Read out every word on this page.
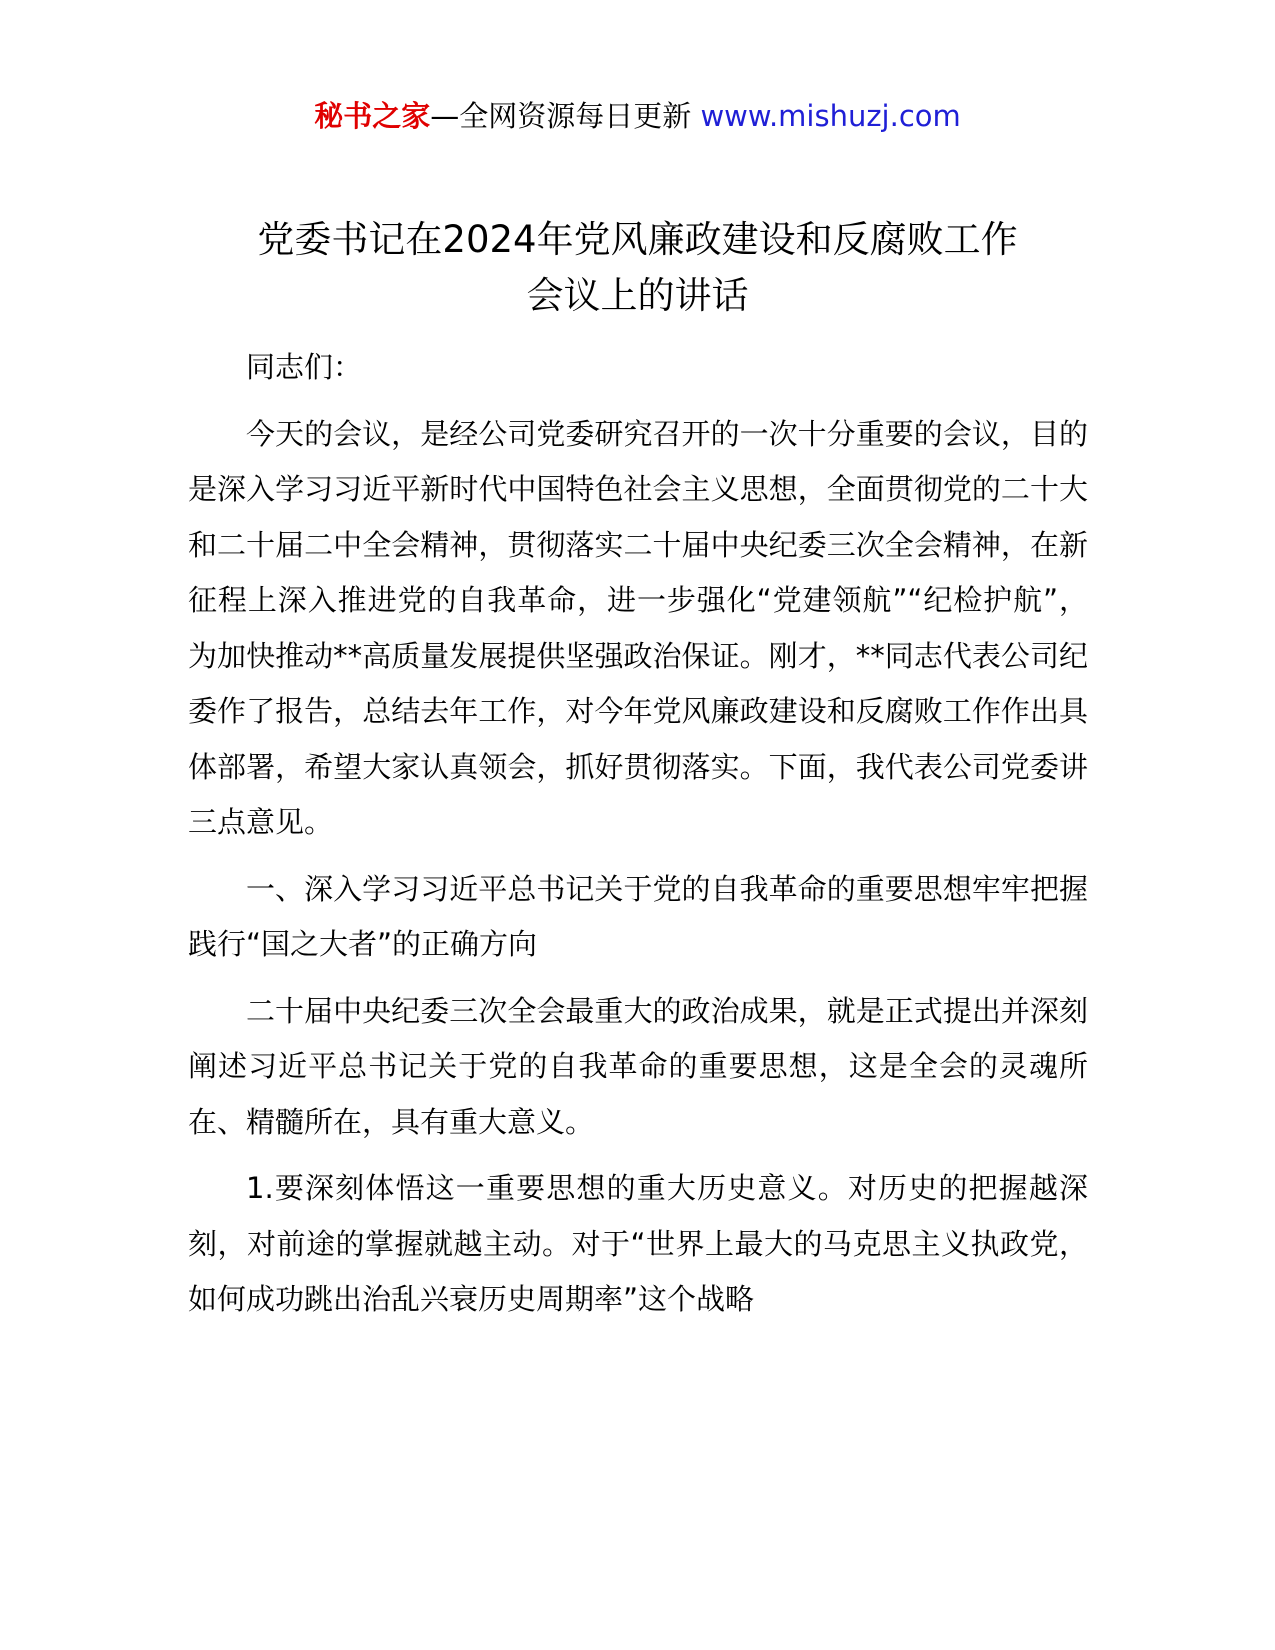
秘书之家—全网资源每日更新 www.mishuzj.com
党委书记在2024年党风廉政建设和反腐败工作
会议上的讲话

同志们：

今天的会议，是经公司党委研究召开的一次十分重要的会议，目的是深入学习习近平新时代中国特色社会主义思想，全面贯彻党的二十大和二十届二中全会精神，贯彻落实二十届中央纪委三次全会精神，在新征程上深入推进党的自我革命，进一步强化“党建领航”“纪检护航”，为加快推动**高质量发展提供坚强政治保证。刚才，**同志代表公司纪委作了报告，总结去年工作，对今年党风廉政建设和反腐败工作作出具体部署，希望大家认真领会，抓好贯彻落实。下面，我代表公司党委讲三点意见。

一、深入学习习近平总书记关于党的自我革命的重要思想牢牢把握践行“国之大者”的正确方向

二十届中央纪委三次全会最重大的政治成果，就是正式提出并深刻阐述习近平总书记关于党的自我革命的重要思想，这是全会的灵魂所在、精髓所在，具有重大意义。

1.要深刻体悟这一重要思想的重大历史意义。对历史的把握越深刻，对前途的掌握就越主动。对于“世界上最大的马克思主义执政党，如何成功跳出治乱兴衰历史周期率”这个战略
